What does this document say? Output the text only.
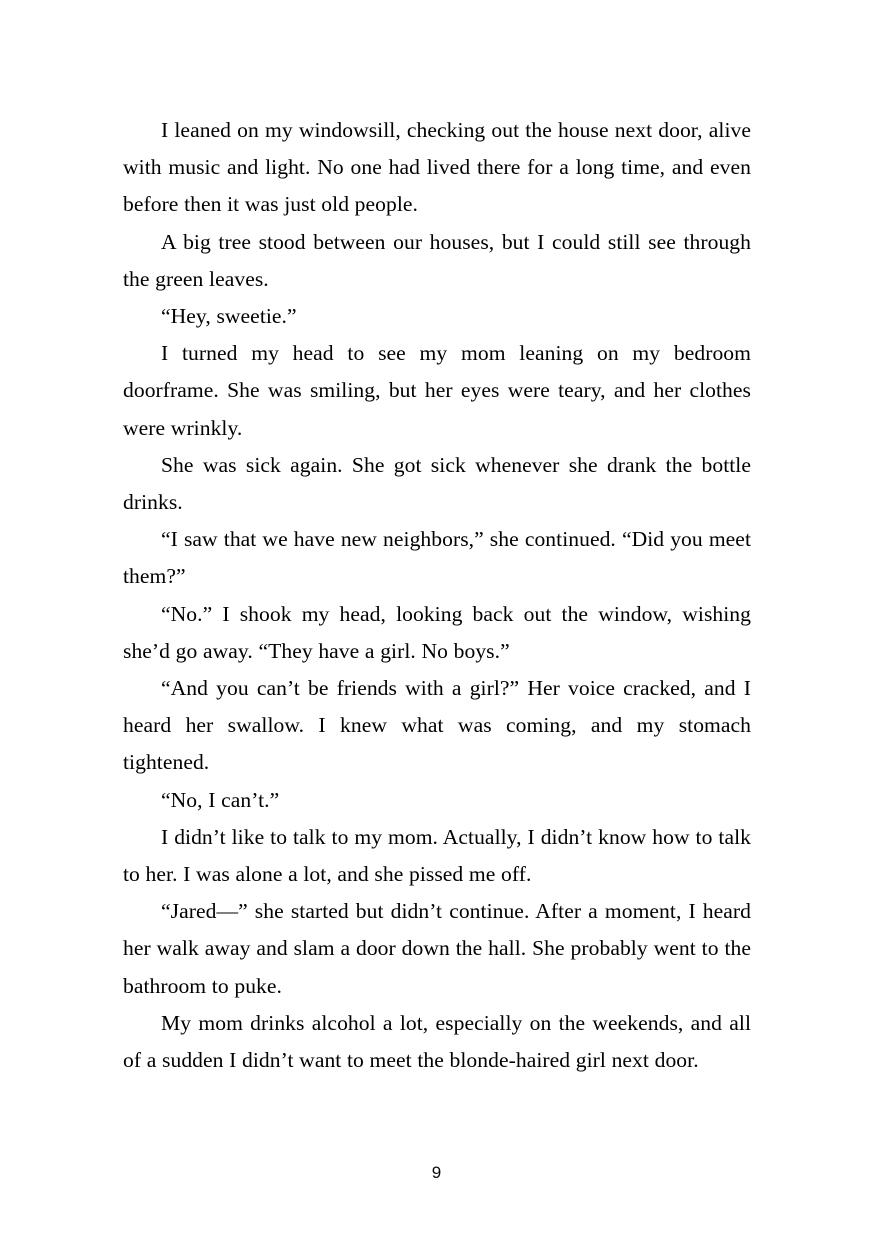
I leaned on my windowsill, checking out the house next door, alive with music and light. No one had lived there for a long time, and even before then it was just old people.

A big tree stood between our houses, but I could still see through the green leaves.

“Hey, sweetie.”

I turned my head to see my mom leaning on my bedroom doorframe. She was smiling, but her eyes were teary, and her clothes were wrinkly.

She was sick again. She got sick whenever she drank the bottle drinks.

“I saw that we have new neighbors,” she continued. “Did you meet them?”

“No.” I shook my head, looking back out the window, wishing she’d go away. “They have a girl. No boys.”

“And you can’t be friends with a girl?” Her voice cracked, and I heard her swallow. I knew what was coming, and my stomach tightened.

“No, I can’t.”

I didn’t like to talk to my mom. Actually, I didn’t know how to talk to her. I was alone a lot, and she pissed me off.

“Jared—” she started but didn’t continue. After a moment, I heard her walk away and slam a door down the hall. She probably went to the bathroom to puke.

My mom drinks alcohol a lot, especially on the weekends, and all of a sudden I didn’t want to meet the blonde-haired girl next door.

9
